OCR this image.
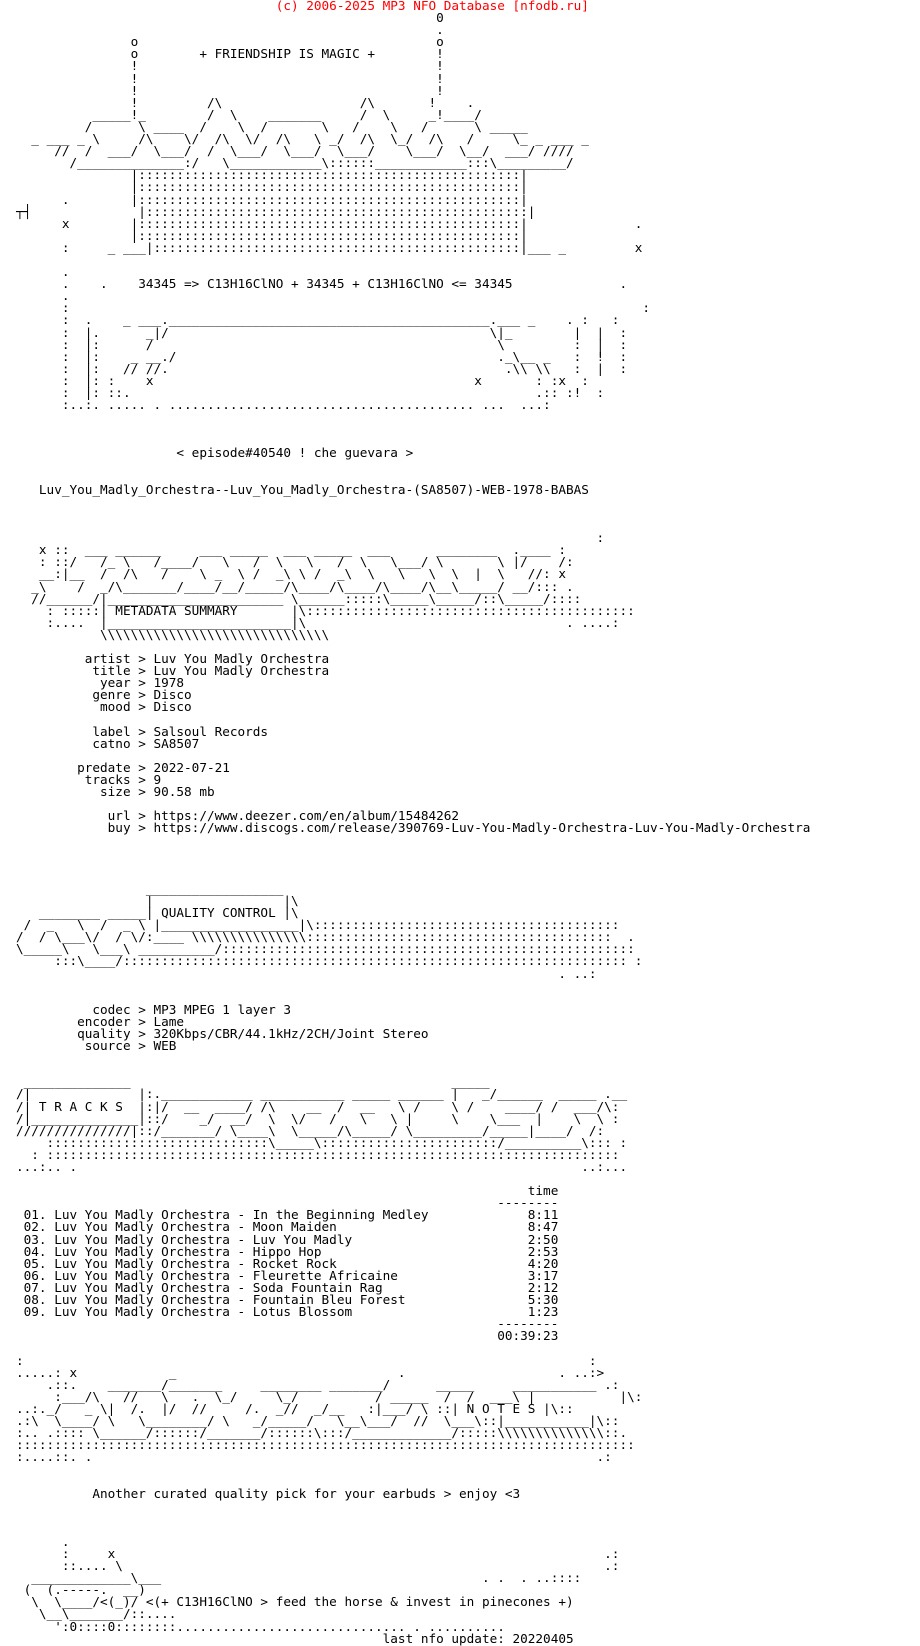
(c) 2006-2025 MP3 NFO Database [nfodb.ru]
0
.
o                                       o
o        + FRIENDSHIP IS MAGIC +        !
!                                       !
!                                       !
!                                       !
!         /\                  /\       !    .
_____!_        /  \    _______     /  \     _!____/
/      \ ____  /    \  /       \   /    \   /      \ _____
_ ___ _ \     /\    \/  /\  \/  /\   \ _/  /\  \_/  /\   /     \_ _ ___ _
//  /  ___/  \___/  /  \___/  \___/  \___/    \___/  \__/  ___/ ////
/______________:/   \____________\::::::____________:::\_________/
|::::::::::::::::::::::::::::::::::::::::::::::::::|
|::::::::::::::::::::::::::::::::::::::::::::::::::|
.        |::::::::::::::::::::::::::::::::::::::::::::::::::|
┬┤              |::::::::::::::::::::::::::::::::::::::::::::::::::|
x        |::::::::::::::::::::::::::::::::::::::::::::::::::|              .
|::::::::::::::::::::::::::::::::::::::::::::::::::|
:     _ ___|::::::::::::::::::::::::::::::::::::::::::::::::|___ _         x

.
.    .    34345 => C13H16ClNO + 34345 + C13H16ClNO <= 34345              .
.
:                                                                           :
:  .    _ ___.__________________________________________.___ _    . :   :
:  |.      _|/                                          \|_        |  |  :
:  |:      /                                             \         :  |  :
:  |:    _ __./                                          ._\__ _   :  !  :
:  |:   // //.                                            .\\ \\   :  |  :
:  |: :    x                                          x       : :x  :
:  |: ::.                                                     .:: :!  :
:..:. ..... . ........................................ ...  ...:

< episode#40540 ! che guevara >

Luv_You_Madly_Orchestra--Luv_You_Madly_Orchestra-(SA8507)-WEB-1978-BABAS

:
x ::  ___ ______     ___ _____  ___ _____  ___      ________  .____ :
: ::/   /_ \   /____/   \   /  \   \   /  \   \___/ \       \ |/    /:
__:|__  /  /\   /    \ _  \ /  _\ \ /  _\  \   \   \  \  |  \   //: x
_\    /  _/\_______/____/__/_____/\____/\____/\____/\__\_____/ __/::: .
//______/|_______________________ \______:::::\_____\_____/::\_____/::::
: :::::| METADATA SUMMARY       |\:::::::::::::::::::::::::::::::::::::::::::
:....  |________________________|\                                  . ....:
\\\\\\\\\\\\\\\\\\\\\\\\\\\\\\

artist > Luv You Madly Orchestra
title > Luv You Madly Orchestra
year > 1978
genre > Disco
mood > Disco

label > Salsoul Records
catno > SA8507

predate > 2022-07-21
tracks > 9
size > 90.58 mb

url > https://www.deezer.com/en/album/15484262
buy > https://www.discogs.com/release/390769-Luv-You-Madly-Orchestra-Luv-You-Madly-Orchestra

__________________
|                 |\
________ _____| QUALITY CONTROL |\
/  _   \  /  _ \ |__________________|\::::::::::::::::::::::::::::::::::::::::
/  / \___\/  / \/:____ \\\\\\\\\\\\\\\::::::::::::::::::::::::::::::::::::::::  .
\_____\   \___\ __________/::::::::::::::::::::::::::::::::::::::::::::::::::::::
:::\____/:::::::::::::::::::::::::::::::::::::::::::::::::::::::::::::::::: :
. ..:

codec > MP3 MPEG 1 layer 3
encoder > Lame
quality > 320Kbps/CBR/44.1kHz/2CH/Joint Stereo
source > WEB

______________                                          _____
/|              |:.____________ ___________ _____ ______ |   _/______  _____ .__
/| T R A C K S  |:|/  __  ____/ /\    __  /  __   \ /    \ /    ____/ /  ___/\:
/|______________|::/    _/  __/  \  \/   /   \   \ |     \    \___  |    \  \ :
///////////////|::/_______/ \____\  \_____/\_____/ \_________/_____|____/  /:
:::::::::::::::::::::::::::::\_____\:::::::::::::::::::::::/__________\::: :
: :::::::::::::::::::::::::::::::::::::::::::::::::::::::::::::::::::::::::::
...:.. .                                                                  ..:...

time
--------
01. Luv You Madly Orchestra - In the Beginning Medley             8:11
02. Luv You Madly Orchestra - Moon Maiden                         8:47
03. Luv You Madly Orchestra - Luv You Madly                       2:50
04. Luv You Madly Orchestra - Hippo Hop                           2:53
05. Luv You Madly Orchestra - Rocket Rock                         4:20
06. Luv You Madly Orchestra - Fleurette Africaine                 3:17
07. Luv You Madly Orchestra - Soda Fountain Rag                   2:12
08. Luv You Madly Orchestra - Fountain Bleu Forest                5:30
09. Luv You Madly Orchestra - Lotus Blossom                       1:23
--------
00:39:23

:                                                                          :
.....: x            _                             .                    . ..:>
.::.    _______/_______     ________ _______/      _____     ___________ .:
:___/\   //   \   .  \_/     \_/          / _____  /  /  ___\ |           |\:
..:._/   _ \|  /.  |/  //     /.  _//  _/__   :|___/ \ ::| N O T E S |\::
.:\  \____/ \   \________/ \   _/_____/   \__\___/  //  \___\::|___________|\::
:.. .:::: \______/::::::/_______/::::::\:::/_____________/:::::\\\\\\\\\\\\\\::.
:::::::::::::::::::::::::::::::::::::::::::::::::::::::::::::::::::::::::::::::::
:....::. .                                                                  .:

Another curated quality pick for your earbuds > enjoy <3

.
:     x                                                                .:
::.... \                                                               .:
_____________\___                                          . .  . ..::::
(  (.-----.  __)
\  \____/<(_)/ <(+ C13H16ClNO > feed the horse & invest in pinecones +)
\__\_______/::....
':0::::0::::::::.............................. . ..........
last nfo update: 20220405
